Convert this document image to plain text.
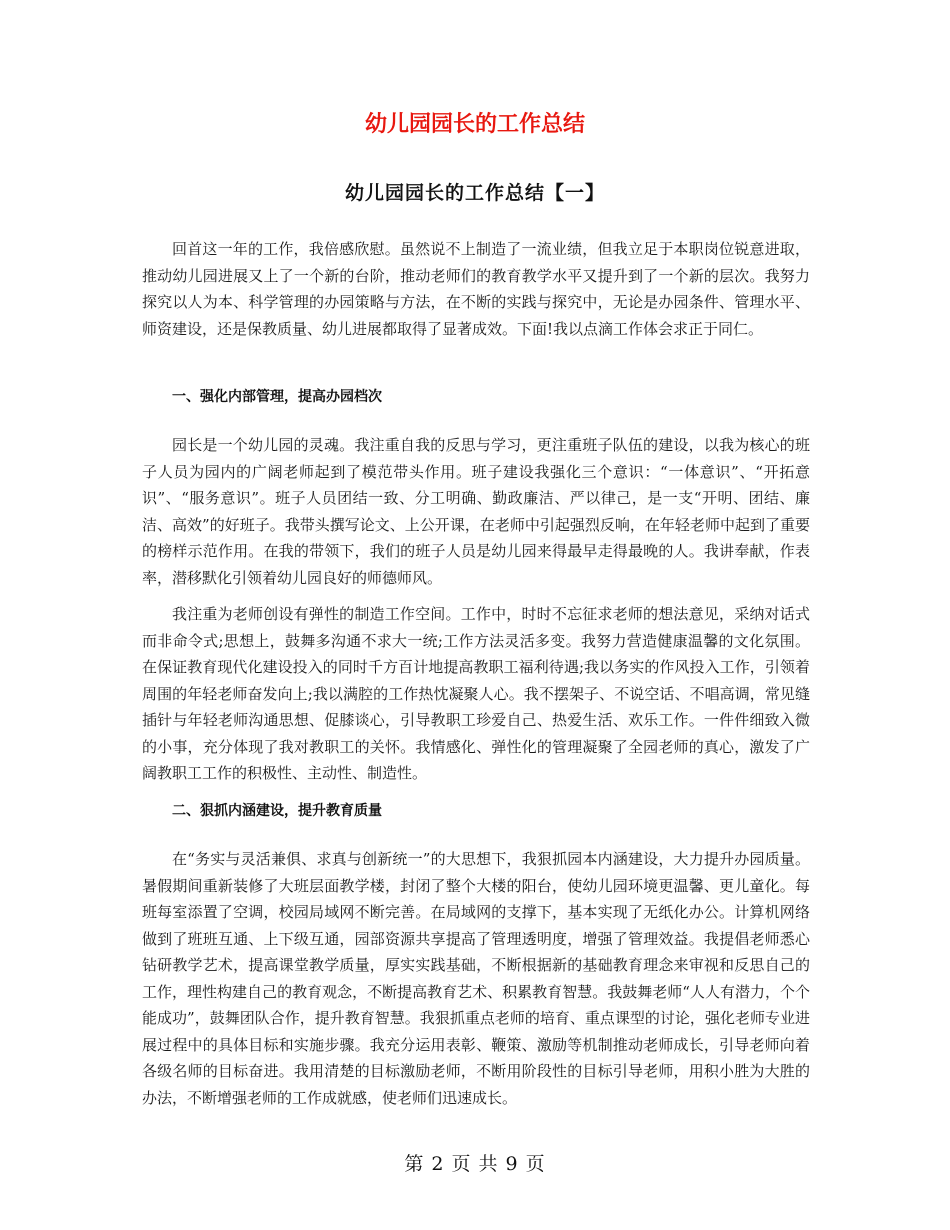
幼儿园园长的工作总结
幼儿园园长的工作总结【一】

回首这一年的工作，我倍感欣慰。虽然说不上制造了一流业绩，但我立足于本职岗位锐意进取，推动幼儿园进展又上了一个新的台阶，推动老师们的教育教学水平又提升到了一个新的层次。我努力探究以人为本、科学管理的办园策略与方法，在不断的实践与探究中，无论是办园条件、管理水平、师资建设，还是保教质量、幼儿进展都取得了显著成效。下面!我以点滴工作体会求正于同仁。

一、强化内部管理，提高办园档次

园长是一个幼儿园的灵魂。我注重自我的反思与学习，更注重班子队伍的建设，以我为核心的班子人员为园内的广阔老师起到了模范带头作用。班子建设我强化三个意识：“一体意识”、“开拓意识”、“服务意识”。班子人员团结一致、分工明确、勤政廉洁、严以律己，是一支“开明、团结、廉洁、高效”的好班子。我带头撰写论文、上公开课，在老师中引起强烈反响，在年轻老师中起到了重要的榜样示范作用。在我的带领下，我们的班子人员是幼儿园来得最早走得最晚的人。我讲奉献，作表率，潜移默化引领着幼儿园良好的师德师风。

我注重为老师创设有弹性的制造工作空间。工作中，时时不忘征求老师的想法意见，采纳对话式而非命令式;思想上，鼓舞多沟通不求大一统;工作方法灵活多变。我努力营造健康温馨的文化氛围。在保证教育现代化建设投入的同时千方百计地提高教职工福利待遇;我以务实的作风投入工作，引领着周围的年轻老师奋发向上;我以满腔的工作热忱凝聚人心。我不摆架子、不说空话、不唱高调，常见缝插针与年轻老师沟通思想、促膝谈心，引导教职工珍爱自己、热爱生活、欢乐工作。一件件细致入微的小事，充分体现了我对教职工的关怀。我情感化、弹性化的管理凝聚了全园老师的真心，激发了广阔教职工工作的积极性、主动性、制造性。

二、狠抓内涵建设，提升教育质量

在“务实与灵活兼俱、求真与创新统一”的大思想下，我狠抓园本内涵建设，大力提升办园质量。暑假期间重新装修了大班层面教学楼，封闭了整个大楼的阳台，使幼儿园环境更温馨、更儿童化。每班每室添置了空调，校园局域网不断完善。在局域网的支撑下，基本实现了无纸化办公。计算机网络做到了班班互通、上下级互通，园部资源共享提高了管理透明度，增强了管理效益。我提倡老师悉心钻研教学艺术，提高课堂教学质量，厚实实践基础，不断根据新的基础教育理念来审视和反思自己的工作，理性构建自己的教育观念，不断提高教育艺术、积累教育智慧。我鼓舞老师“人人有潜力，个个能成功”，鼓舞团队合作，提升教育智慧。我狠抓重点老师的培育、重点课型的讨论，强化老师专业进展过程中的具体目标和实施步骤。我充分运用表彰、鞭策、激励等机制推动老师成长，引导老师向着各级名师的目标奋进。我用清楚的目标激励老师，不断用阶段性的目标引导老师，用积小胜为大胜的办法，不断增强老师的工作成就感，使老师们迅速成长。

第 2 页 共 9 页
